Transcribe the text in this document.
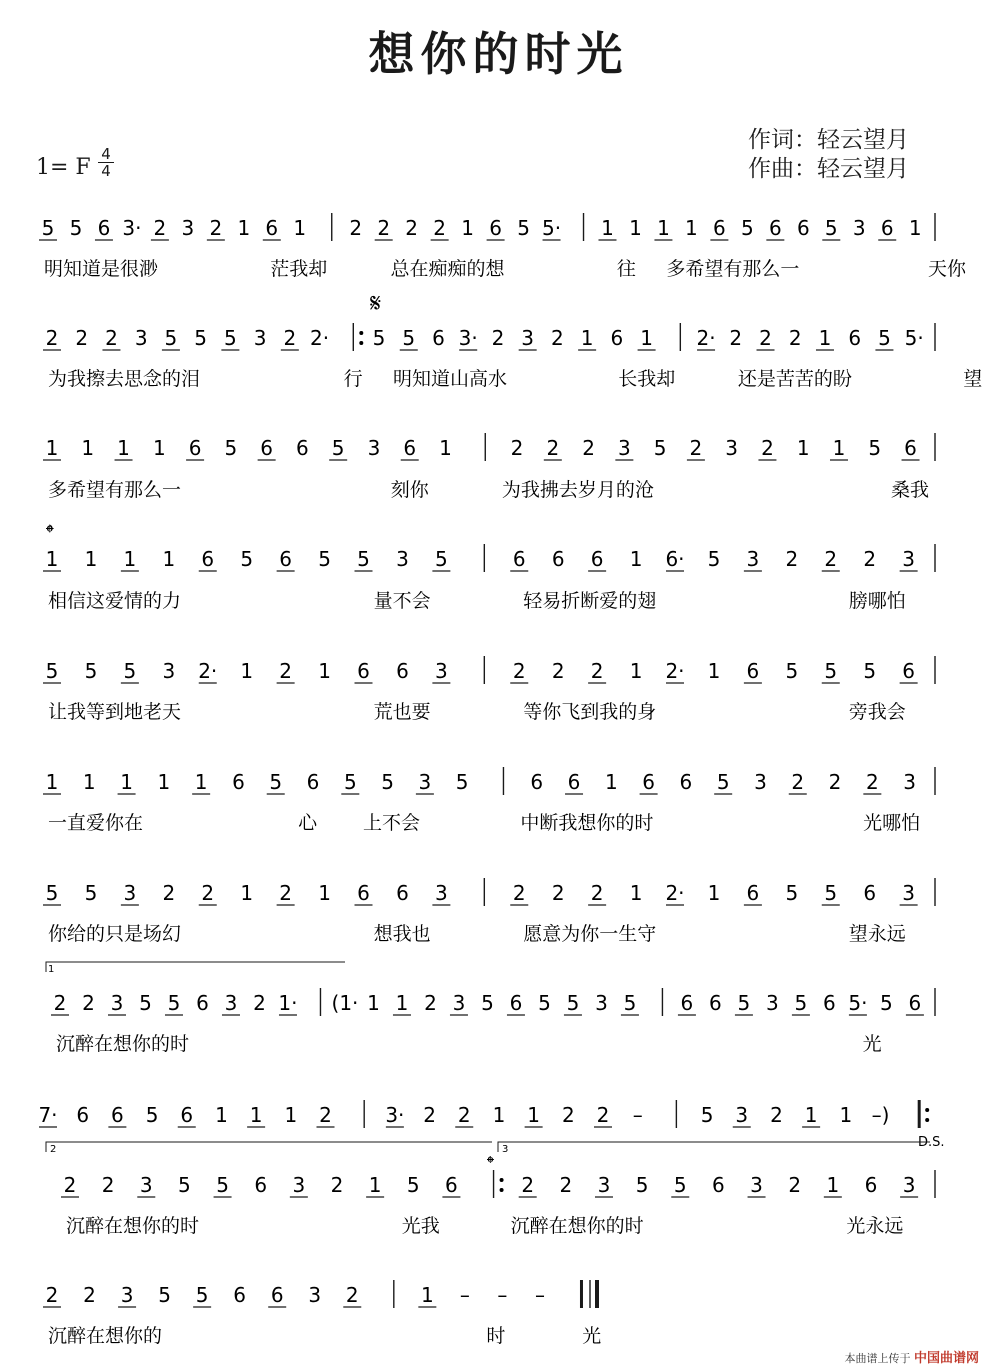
想你的时光
作词：轻云望月
作曲：轻云望月
1= F
4
4
5 5 6 3· 2 3 2 1 6 1 2 2 2 2 1 6 5 5· 1 1 1 1 6 5 6 6 5 3 6 1
明知道是很渺	茫我却	总在痴痴的想	往 多希望有那么一	天你
2 2 2 3 5 5 5 3 2 2· 5 5 6 3· 2 3 2 1 6 1 2· 2 2 2 1 6 5 5·
为我擦去思念的泪	行 明知道山高水	长我却	还是苦苦的盼	望
1 1 1 1 6 5 6 6 5 3 6 1	2 2 2 3 5 2 3 2 1 1 5 6
多希望有那么一	刻你	为我拂去岁月的沧	桑我
1 1 1 1 6 5 6 5 5 3 5	6 6 6 1 6· 5 3 2 2 2 3
相信这爱情的力	量不会	轻易折断爱的翅	膀哪怕
5 5 5 3 2· 1 2 1 6 6 3	2 2 2 1 2· 1 6 5 5 5 6
让我等到地老天	荒也要	等你飞到我的身	旁我会
1 1 1 1 1 6 5 6 5 5 3 5	6 6 1 6 6 5 3 2 2 2 3
一直爱你在	心 上不会	中断我想你的时	光哪怕
5 5 3 2 2 1 2 1 6 6 3	2 2 2 1 2· 1 6 5 5 6 3
你给的只是场幻	想我也	愿意为你一生守	望永远
2 2 3 5 5 6 3 2 1· (1· 1 1 2 3 5 6 5 5 3 5 6 6 5 3 5 6 5· 5 6
沉醉在想你的时	光
7· 6 6 5 6 1 1 1 2	3· 2 2 1 1 2 2 –	5 3 2 1 1 –)
2 2 3 5 5 6 3 2 1 5 6	2 2 3 5 5 6 3 2 1 6 3
沉醉在想你的时	光我	沉醉在想你的时	光永远
2 2 3 5 5 6 6 3 2	1 – – –
沉醉在想你的	时	光
𝄋
𝄌
𝄌
D.S.
1
2	3
本曲谱上传于 中国曲谱网
